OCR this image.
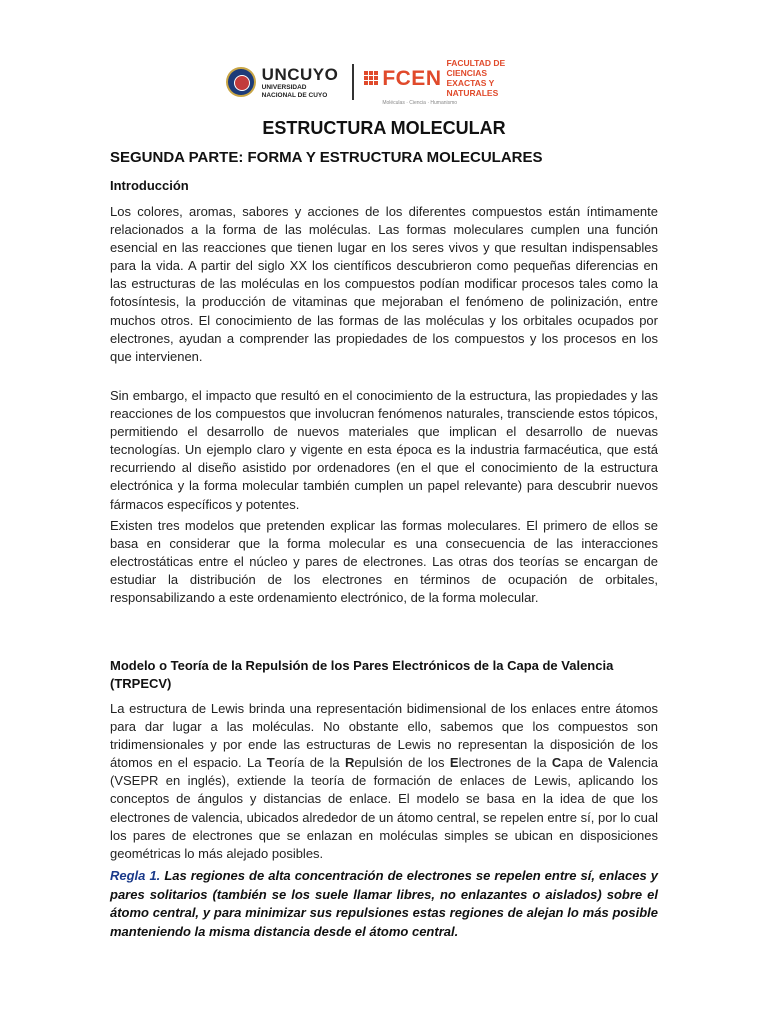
UNCUYO
UNIVERSIDAD
NACIONAL DE CUYO
FCEN
FACULTAD DE CIENCIAS
EXACTAS Y NATURALES
Moléculas · Ciencia · Humanismo
ESTRUCTURA MOLECULAR
SEGUNDA PARTE: FORMA Y ESTRUCTURA MOLECULARES
Introducción

Los colores, aromas, sabores y acciones de los diferentes compuestos están íntimamente relacionados a la forma de las moléculas. Las formas moleculares cumplen una función esencial en las reacciones que tienen lugar en los seres vivos y que resultan indispensables para la vida. A partir del siglo XX los científicos descubrieron como pequeñas diferencias en las estructuras de las moléculas en los compuestos podían modificar procesos tales como la fotosíntesis, la producción de vitaminas que mejoraban el fenómeno de polinización, entre muchos otros. El conocimiento de las formas de las moléculas y los orbitales ocupados por electrones, ayudan a comprender las propiedades de los compuestos y los procesos en los que intervienen.

Sin embargo, el impacto que resultó en el conocimiento de la estructura, las propiedades y las reacciones de los compuestos que involucran fenómenos naturales, transciende estos tópicos, permitiendo el desarrollo de nuevos materiales que implican el desarrollo de nuevas tecnologías. Un ejemplo claro y vigente en esta época es la industria farmacéutica, que está recurriendo al diseño asistido por ordenadores (en el que el conocimiento de la estructura electrónica y la forma molecular también cumplen un papel relevante) para descubrir nuevos fármacos específicos y potentes.

Existen tres modelos que pretenden explicar las formas moleculares. El primero de ellos se basa en considerar que la forma molecular es una consecuencia de las interacciones electrostáticas entre el núcleo y pares de electrones. Las otras dos teorías se encargan de estudiar la distribución de los electrones en términos de ocupación de orbitales, responsabilizando a este ordenamiento electrónico, de la forma molecular.

Modelo o Teoría de la Repulsión de los Pares Electrónicos de la Capa de Valencia (TRPECV)

La estructura de Lewis brinda una representación bidimensional de los enlaces entre átomos para dar lugar a las moléculas. No obstante ello, sabemos que los compuestos son tridimensionales y por ende las estructuras de Lewis no representan la disposición de los átomos en el espacio. La Teoría de la Repulsión de los Electrones de la Capa de Valencia (VSEPR en inglés), extiende la teoría de formación de enlaces de Lewis, aplicando los conceptos de ángulos y distancias de enlace. El modelo se basa en la idea de que los electrones de valencia, ubicados alrededor de un átomo central, se repelen entre sí, por lo cual los pares de electrones que se enlazan en moléculas simples se ubican en disposiciones geométricas lo más alejado posibles.

Regla 1. Las regiones de alta concentración de electrones se repelen entre sí, enlaces y pares solitarios (también se los suele llamar libres, no enlazantes o aislados) sobre el átomo central, y para minimizar sus repulsiones estas regiones de alejan lo más posible manteniendo la misma distancia desde el átomo central.
